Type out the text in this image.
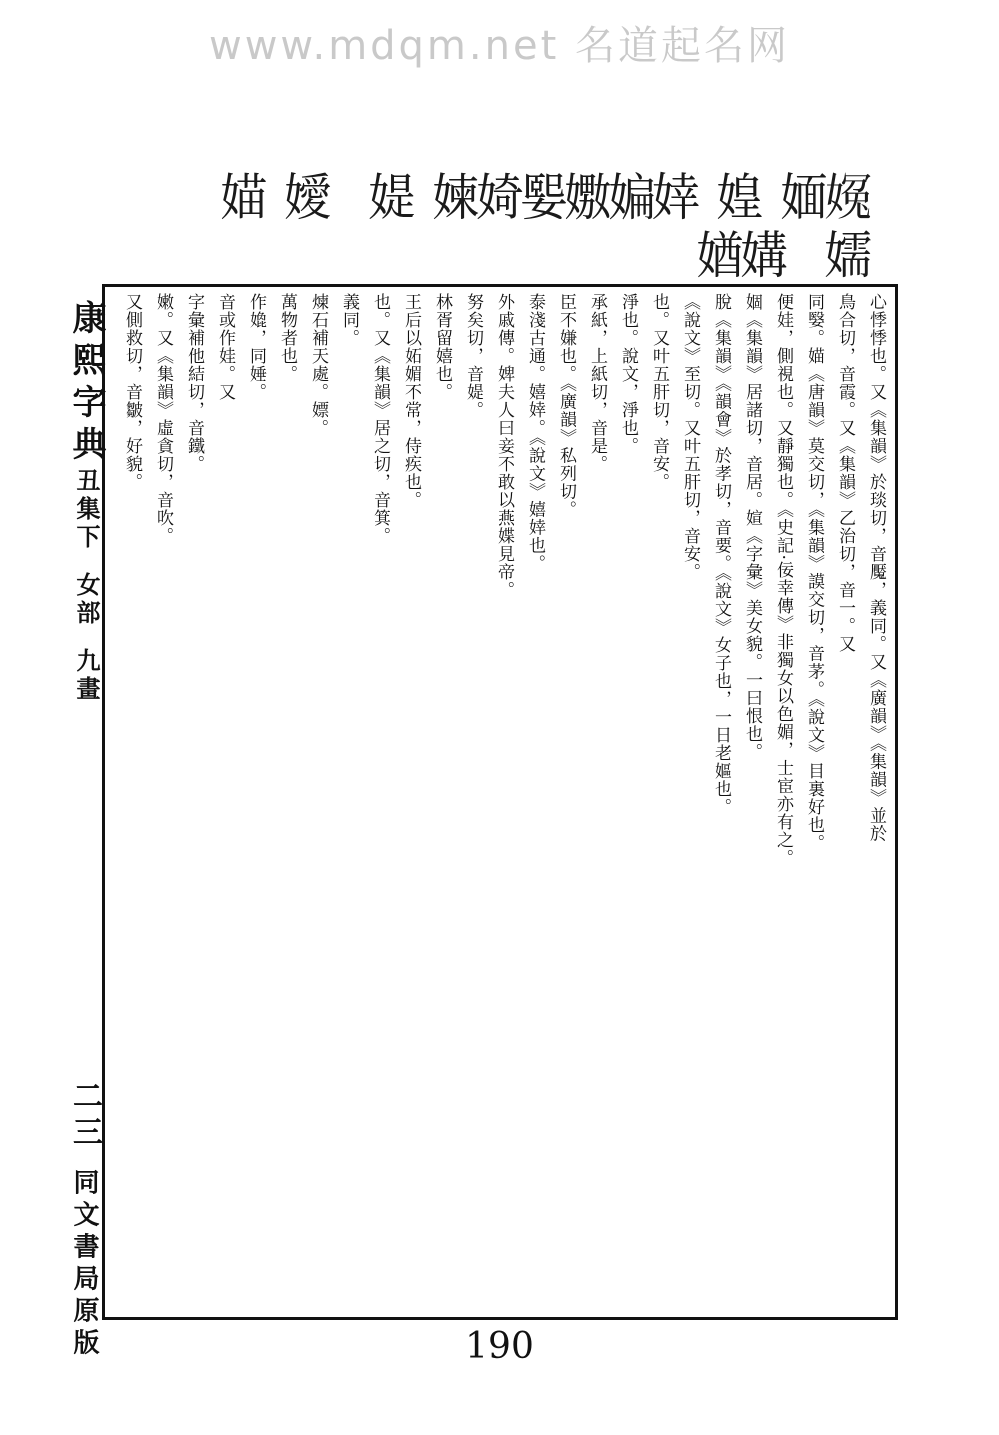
www.mdqm.net 名道起名网
𡟰
媔
媓
婞
媥
嫐
媐
婍
媡
媞
嬡
媌
嬬
媾
媨
康熙字典丑集下 女部 九畫
二三 同文書局原版
心悸悸也。又《集韻》於琰切，音魘，義同。又《廣韻》《集韻》並於
鳥合切，音霞。又《集韻》乙治切，音一。又
同嫛。媌《唐韻》莫交切，《集韻》謨交切，音茅。《說文》目裏好也。
便娃，側視也。又靜獨也。《史記·佞幸傳》非獨女以色媚，士宦亦有之。
婟《集韻》居諸切，音居。媗《字彙》美女貌。一曰恨也。
脫《集韻》《韻會》於孝切，音要。《說文》女子也，一日老嫗也。
《說文》至切。又叶五肝切，音安。
也。又叶五肝切，音安。
淨也。說文，淨也。
承紙，上紙切，音是。
臣不嫌也。《廣韻》私列切。
泰淺古通。嬉婞。《說文》嬉婞也。
外戚傳。婢夫人曰妾不敢以燕媟見帝。
努矣切，音媞。
林胥留嬉也。
王后以妬媚不常，侍疾也。
也。又《集韻》居之切，音箕。
義同。
煉石補天處。嫖。
萬物者也。
作嫓，同娷。
音或作娃。又
字彙補他結切，音鐵。
嫩。又《集韻》虛貪切，音吹。
又側救切，音皺，好貌。
190
